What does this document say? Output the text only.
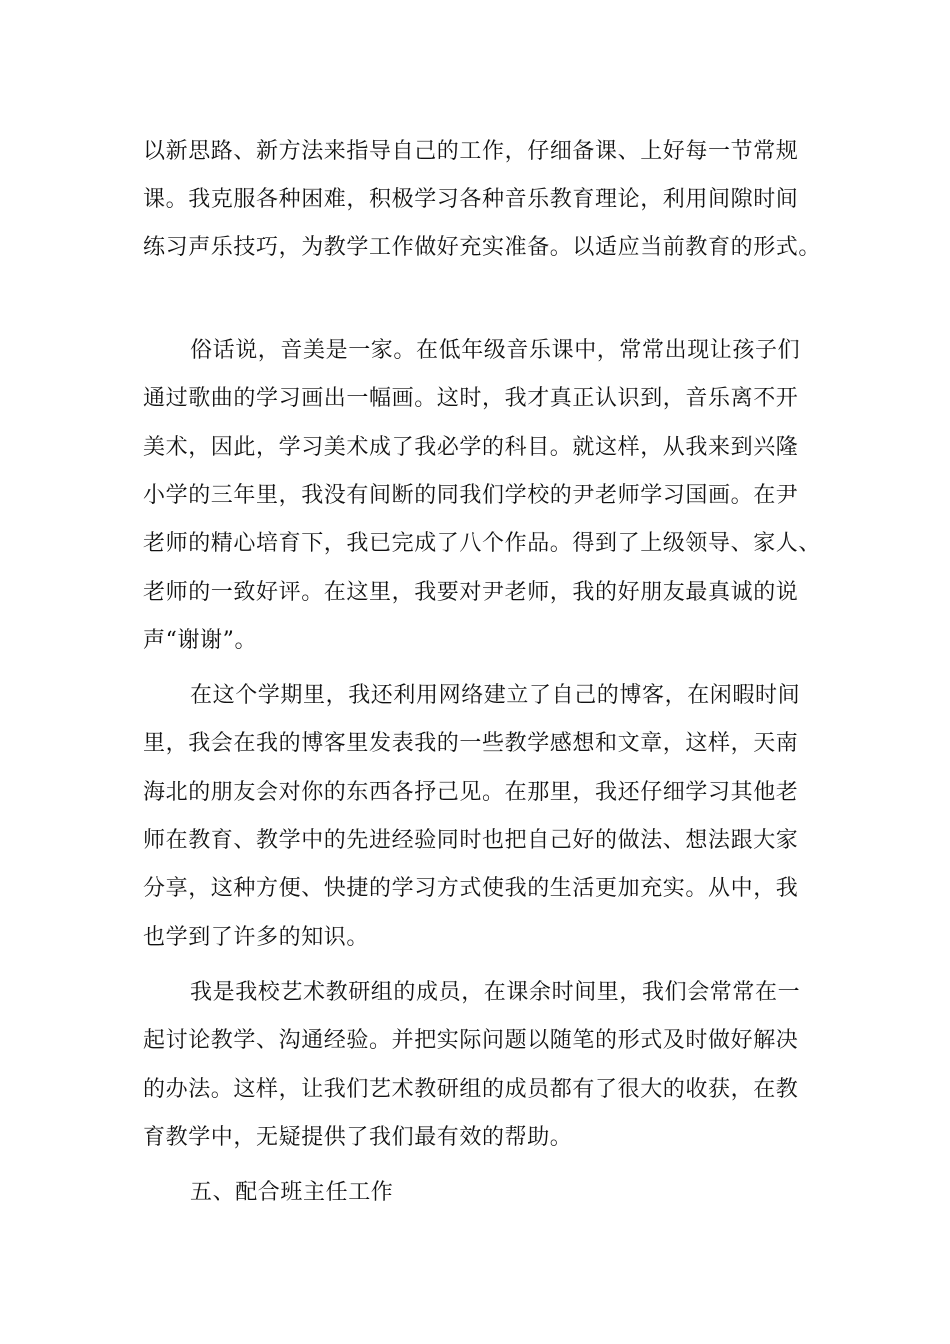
以新思路、新方法来指导自己的工作，仔细备课、上好每一节常规
课。我克服各种困难，积极学习各种音乐教育理论，利用间隙时间
练习声乐技巧，为教学工作做好充实准备。以适应当前教育的形式。
俗话说，音美是一家。在低年级音乐课中，常常出现让孩子们
通过歌曲的学习画出一幅画。这时，我才真正认识到，音乐离不开
美术，因此，学习美术成了我必学的科目。就这样，从我来到兴隆
小学的三年里，我没有间断的同我们学校的尹老师学习国画。在尹
老师的精心培育下，我已完成了八个作品。得到了上级领导、家人、
老师的一致好评。在这里，我要对尹老师，我的好朋友最真诚的说
声“谢谢”。
在这个学期里，我还利用网络建立了自己的博客，在闲暇时间
里，我会在我的博客里发表我的一些教学感想和文章，这样，天南
海北的朋友会对你的东西各抒己见。在那里，我还仔细学习其他老
师在教育、教学中的先进经验同时也把自己好的做法、想法跟大家
分享，这种方便、快捷的学习方式使我的生活更加充实。从中，我
也学到了许多的知识。
我是我校艺术教研组的成员，在课余时间里，我们会常常在一
起讨论教学、沟通经验。并把实际问题以随笔的形式及时做好解决
的办法。这样，让我们艺术教研组的成员都有了很大的收获，在教
育教学中，无疑提供了我们最有效的帮助。
五、配合班主任工作
